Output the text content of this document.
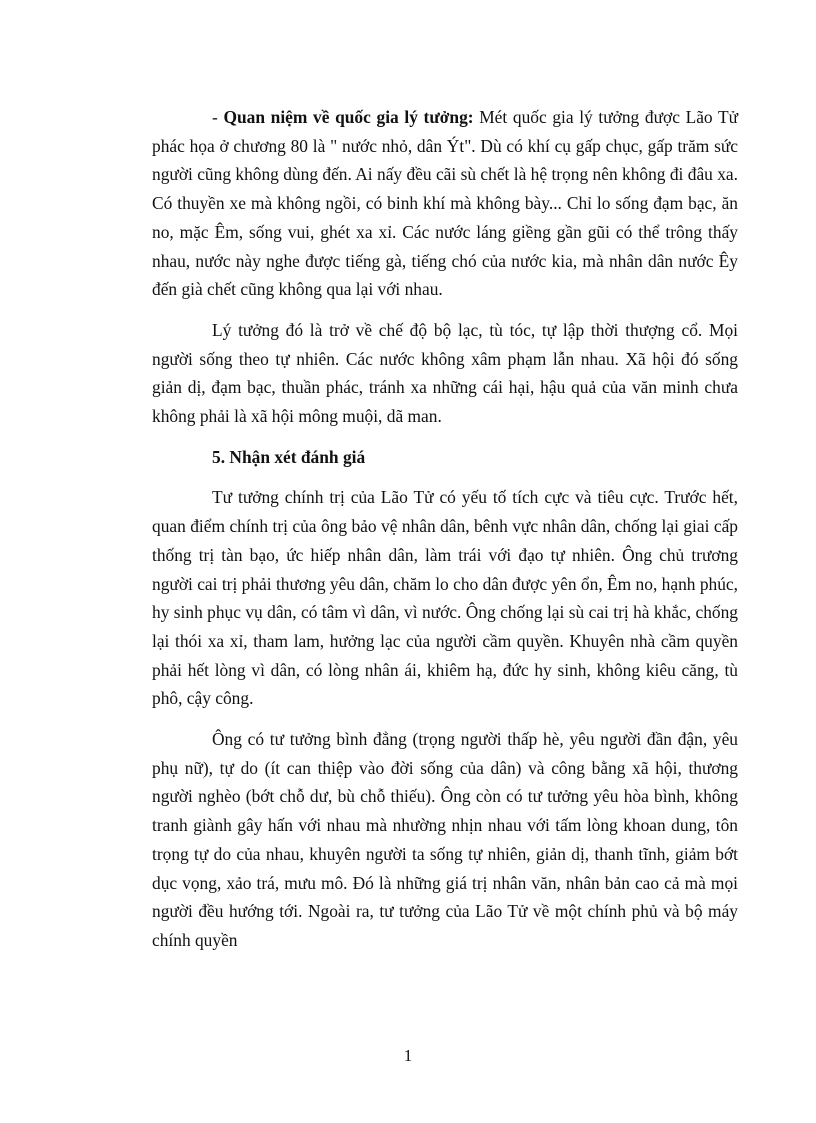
- Quan niệm về quốc gia lý tưởng: Mét quốc gia lý tưởng được Lão Tử phác họa ở chương 80 là " nước nhỏ, dân Ýt". Dù có khí cụ gấp chục, gấp trăm sức người cũng không dùng đến. Ai nấy đều cãi sù chết là hệ trọng nên không đi đâu xa. Có thuyền xe mà không ngồi, có binh khí mà không bày... Chỉ lo sống đạm bạc, ăn no, mặc Êm, sống vui, ghét xa xỉ. Các nước láng giềng gần gũi có thể trông thấy nhau, nước này nghe được tiếng gà, tiếng chó của nước kia, mà nhân dân nước Êy đến già chết cũng không qua lại với nhau.

Lý tưởng đó là trở về chế độ bộ lạc, tù tóc, tự lập thời thượng cổ. Mọi người sống theo tự nhiên. Các nước không xâm phạm lẫn nhau. Xã hội đó sống giản dị, đạm bạc, thuần phác, tránh xa những cái hại, hậu quả của văn minh chưa không phải là xã hội mông muội, dã man.

5. Nhận xét đánh giá

Tư tưởng chính trị của Lão Tử có yếu tố tích cực và tiêu cực. Trước hết, quan điểm chính trị của ông bảo vệ nhân dân, bênh vực nhân dân, chống lại giai cấp thống trị tàn bạo, ức hiếp nhân dân, làm trái với đạo tự nhiên. Ông chủ trương người cai trị phải thương yêu dân, chăm lo cho dân được yên ổn, Êm no, hạnh phúc, hy sinh phục vụ dân, có tâm vì dân, vì nước. Ông chống lại sù cai trị hà khắc, chống lại thói xa xỉ, tham lam, hưởng lạc của người cầm quyền. Khuyên nhà cầm quyền phải hết lòng vì dân, có lòng nhân ái, khiêm hạ, đức hy sinh, không kiêu căng, tù phô, cậy công.

Ông có tư tưởng bình đẳng (trọng người thấp hè, yêu người đần đận, yêu phụ nữ), tự do (ít can thiệp vào đời sống của dân) và công bằng xã hội, thương người nghèo (bớt chỗ dư, bù chỗ thiếu). Ông còn có tư tưởng yêu hòa bình, không tranh giành gây hấn với nhau mà nhường nhịn nhau với tấm lòng khoan dung, tôn trọng tự do của nhau, khuyên người ta sống tự nhiên, giản dị, thanh tĩnh, giảm bớt dục vọng, xảo trá, mưu mô. Đó là những giá trị nhân văn, nhân bản cao cả mà mọi người đều hướng tới. Ngoài ra, tư tưởng của Lão Tử về một chính phủ và bộ máy chính quyền

1
